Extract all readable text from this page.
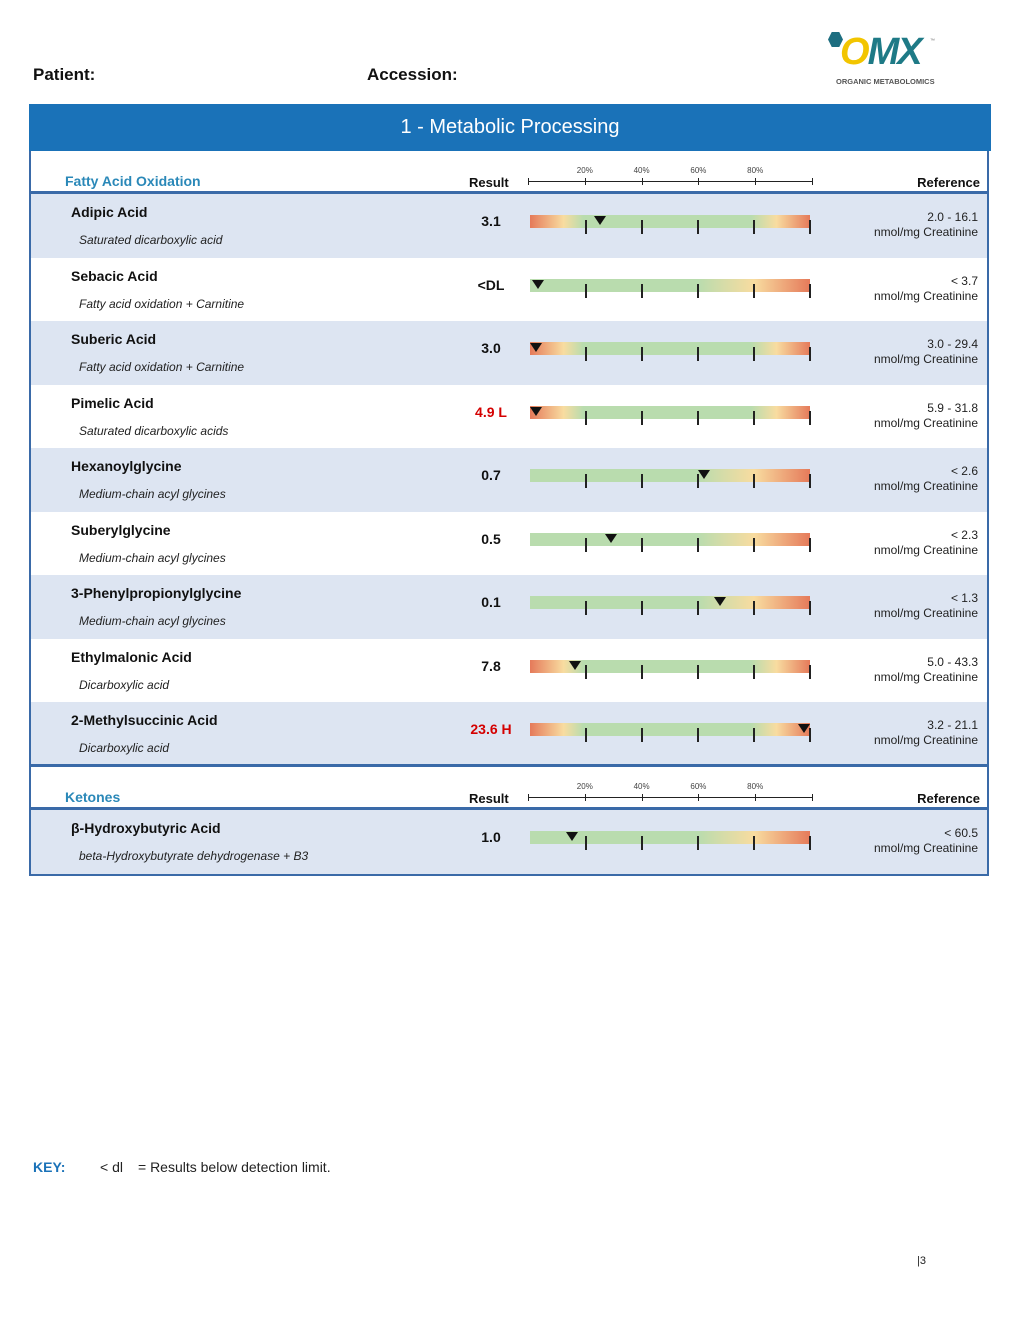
Patient:	Accession:
OMX ™
ORGANIC METABOLOMICS
1 - Metabolic Processing
Fatty Acid Oxidation	Result
20%	40%	60%	80%
Reference
Adipic Acid
Saturated dicarboxylic acid
3.1	2.0 - 16.1
nmol/mg Creatinine
Sebacic Acid
Fatty acid oxidation + Carnitine
<DL	< 3.7
nmol/mg Creatinine
Suberic Acid
Fatty acid oxidation + Carnitine
3.0	3.0 - 29.4
nmol/mg Creatinine
Pimelic Acid
Saturated dicarboxylic acids
4.9 L	5.9 - 31.8
nmol/mg Creatinine
Hexanoylglycine
Medium-chain acyl glycines
0.7	< 2.6
nmol/mg Creatinine
Suberylglycine
Medium-chain acyl glycines
0.5	< 2.3
nmol/mg Creatinine
3-Phenylpropionylglycine
Medium-chain acyl glycines
0.1	< 1.3
nmol/mg Creatinine
Ethylmalonic Acid
Dicarboxylic acid
7.8	5.0 - 43.3
nmol/mg Creatinine
2-Methylsuccinic Acid
Dicarboxylic acid
23.6 H	3.2 - 21.1
nmol/mg Creatinine
Ketones	Result
20%	40%	60%	80%
Reference
β-Hydroxybutyric Acid
beta-Hydroxybutyrate dehydrogenase + B3
1.0	< 60.5
nmol/mg Creatinine
KEY: < dl = Results below detection limit.
|3
